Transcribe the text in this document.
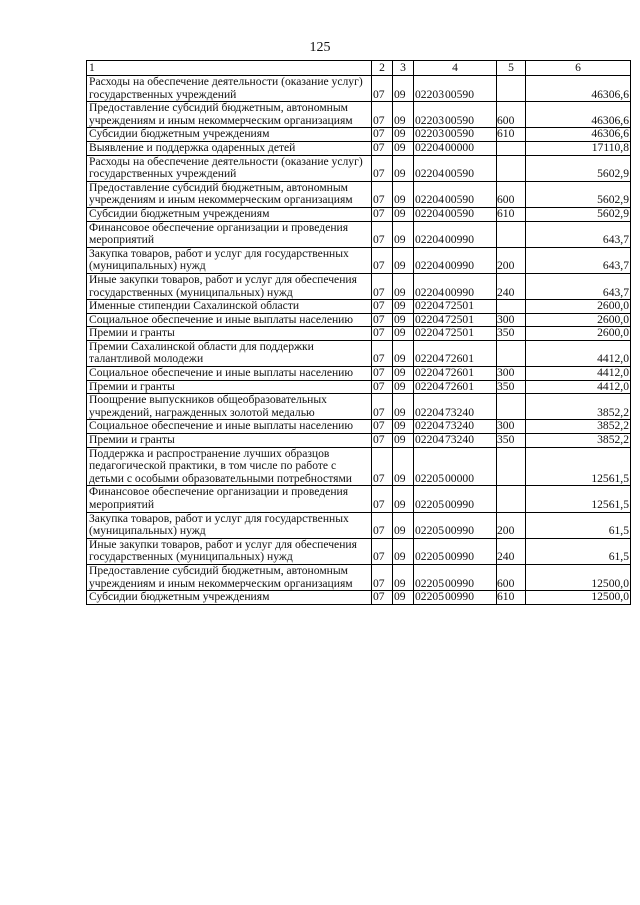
125
1	2	3	4	5	6
Расходы на обеспечение деятельности (оказание услуг) государственных учреждений	07	09	0220300590		46306,6
Предоставление субсидий бюджетным, автономным учреждениям и иным некоммерческим организациям	07	09	0220300590	600	46306,6
Субсидии бюджетным учреждениям	07	09	0220300590	610	46306,6
Выявление и поддержка одаренных детей	07	09	0220400000		17110,8
Расходы на обеспечение деятельности (оказание услуг) государственных учреждений	07	09	0220400590		5602,9
Предоставление субсидий бюджетным, автономным учреждениям и иным некоммерческим организациям	07	09	0220400590	600	5602,9
Субсидии бюджетным учреждениям	07	09	0220400590	610	5602,9
Финансовое обеспечение организации и проведения мероприятий	07	09	0220400990		643,7
Закупка товаров, работ и услуг для государственных (муниципальных) нужд	07	09	0220400990	200	643,7
Иные закупки товаров, работ и услуг для обеспечения государственных (муниципальных) нужд	07	09	0220400990	240	643,7
Именные стипендии Сахалинской области	07	09	0220472501		2600,0
Социальное обеспечение и иные выплаты населению	07	09	0220472501	300	2600,0
Премии и гранты	07	09	0220472501	350	2600,0
Премии Сахалинской области для поддержки талантливой молодежи	07	09	0220472601		4412,0
Социальное обеспечение и иные выплаты населению	07	09	0220472601	300	4412,0
Премии и гранты	07	09	0220472601	350	4412,0
Поощрение выпускников общеобразовательных учреждений, награжденных золотой медалью	07	09	0220473240		3852,2
Социальное обеспечение и иные выплаты населению	07	09	0220473240	300	3852,2
Премии и гранты	07	09	0220473240	350	3852,2
Поддержка и распространение лучших образцов педагогической практики, в том числе по работе с детьми с особыми образовательными потребностями	07	09	0220500000		12561,5
Финансовое обеспечение организации и проведения мероприятий	07	09	0220500990		12561,5
Закупка товаров, работ и услуг для государственных (муниципальных) нужд	07	09	0220500990	200	61,5
Иные закупки товаров, работ и услуг для обеспечения государственных (муниципальных) нужд	07	09	0220500990	240	61,5
Предоставление субсидий бюджетным, автономным учреждениям и иным некоммерческим организациям	07	09	0220500990	600	12500,0
Субсидии бюджетным учреждениям	07	09	0220500990	610	12500,0
